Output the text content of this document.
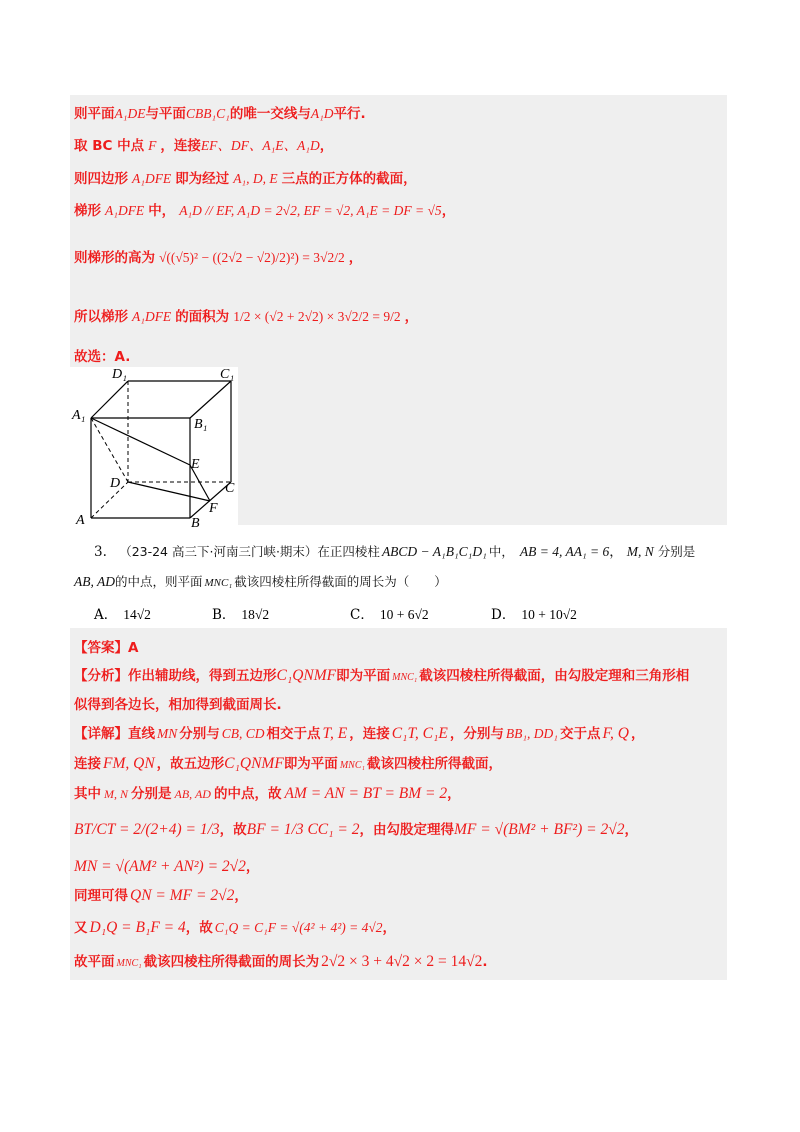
则平面A₁DE与平面CBB₁C₁的唯一交线与A₁D平行.
取 BC 中点 F ，连接EF、DF、A₁E、A₁D，
则四边形 A₁DFE 即为经过 A₁, D, E 三点的正方体的截面，
梯形 A₁DFE 中， A₁D // EF, A₁D = 2√2, EF = √2, A₁E = DF = √5，
则梯形的高为 √((√5)² − ((2√2 − √2)/2)²) = 3√2/2 ，
所以梯形 A₁DFE 的面积为 1/2 × (√2 + 2√2) × 3√2/2 = 9/2 ，
故选：A.
D₁	C₁
A₁
B₁
E
D	C
F
A	B
3. （23-24 高三下·河南三门峡·期末）在正四棱柱 ABCD − A₁B₁C₁D₁ 中， AB = 4, AA₁ = 6， M, N 分别是
AB, AD的中点，则平面 MNC₁ 截该四棱柱所得截面的周长为（　　）
A． 14√2	B． 18√2	C． 10 + 6√2	D． 10 + 10√2
【答案】A
【分析】作出辅助线，得到五边形C₁QNMF即为平面 MNC₁ 截该四棱柱所得截面，由勾股定理和三角形相
似得到各边长，相加得到截面周长.
【详解】直线 MN 分别与 CB, CD 相交于点 T, E ，连接 C₁T, C₁E ，分别与 BB₁, DD₁ 交于点 F, Q ，
连接 FM, QN ，故五边形C₁QNMF即为平面 MNC₁ 截该四棱柱所得截面，
其中 M, N 分别是 AB, AD 的中点，故 AM = AN = BT = BM = 2，
BT/CT = 2/(2+4) = 1/3，故BF = 1/3 CC₁ = 2，由勾股定理得MF = √(BM² + BF²) = 2√2，
MN = √(AM² + AN²) = 2√2，
同理可得 QN = MF = 2√2，
又 D₁Q = B₁F = 4，故 C₁Q = C₁F = √(4² + 4²) = 4√2，
故平面 MNC₁ 截该四棱柱所得截面的周长为 2√2 × 3 + 4√2 × 2 = 14√2.
